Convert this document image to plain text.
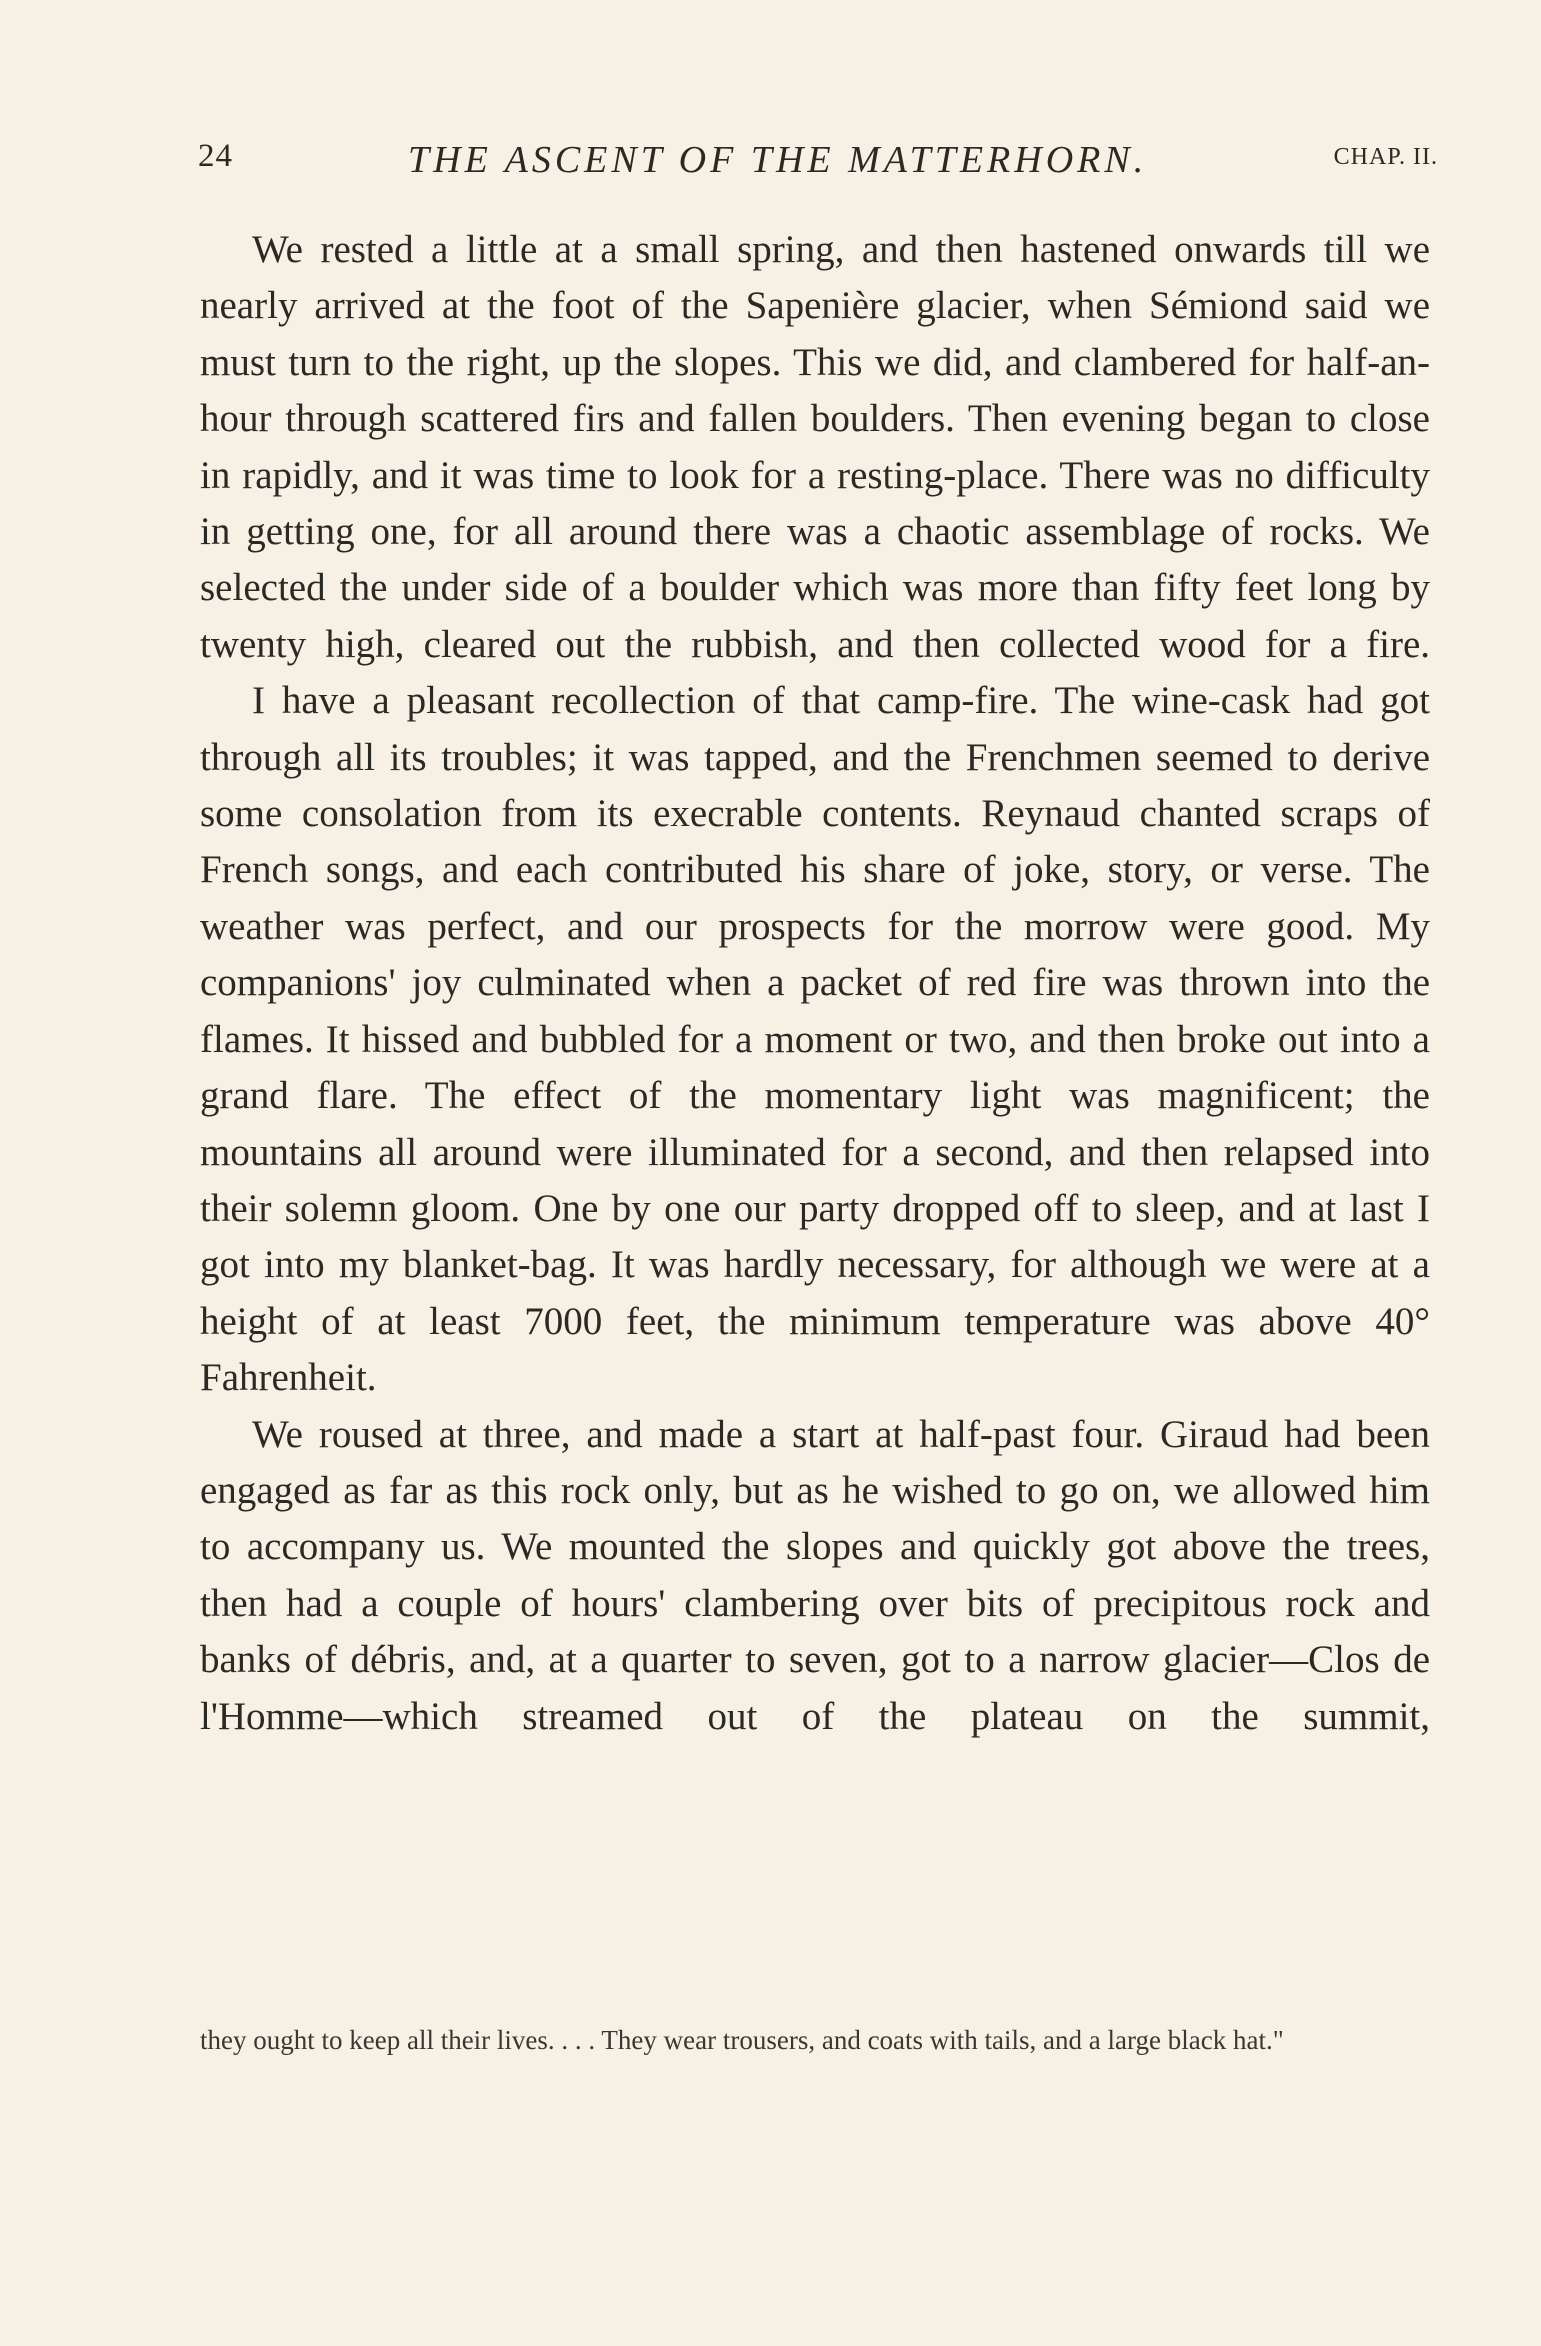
24	THE ASCENT OF THE MATTERHORN.	CHAP. II.

We rested a little at a small spring, and then hastened onwards till we nearly arrived at the foot of the Sapenière glacier, when Sémiond said we must turn to the right, up the slopes. This we did, and clambered for half-an-hour through scattered firs and fallen boulders. Then evening began to close in rapidly, and it was time to look for a resting-place. There was no difficulty in getting one, for all around there was a chaotic assemblage of rocks. We selected the under side of a boulder which was more than fifty feet long by twenty high, cleared out the rubbish, and then collected wood for a fire.

I have a pleasant recollection of that camp-fire. The wine-cask had got through all its troubles; it was tapped, and the Frenchmen seemed to derive some consolation from its execrable contents. Reynaud chanted scraps of French songs, and each contributed his share of joke, story, or verse. The weather was perfect, and our prospects for the morrow were good. My companions' joy culminated when a packet of red fire was thrown into the flames. It hissed and bubbled for a moment or two, and then broke out into a grand flare. The effect of the momentary light was magnificent; the mountains all around were illuminated for a second, and then relapsed into their solemn gloom. One by one our party dropped off to sleep, and at last I got into my blanket-bag. It was hardly necessary, for although we were at a height of at least 7000 feet, the minimum temperature was above 40° Fahrenheit.

We roused at three, and made a start at half-past four. Giraud had been engaged as far as this rock only, but as he wished to go on, we allowed him to accompany us. We mounted the slopes and quickly got above the trees, then had a couple of hours' clambering over bits of precipitous rock and banks of débris, and, at a quarter to seven, got to a narrow glacier—Clos de l'Homme—which streamed out of the plateau on the summit,

they ought to keep all their lives. . . . They wear trousers, and coats with tails, and a large black hat."
